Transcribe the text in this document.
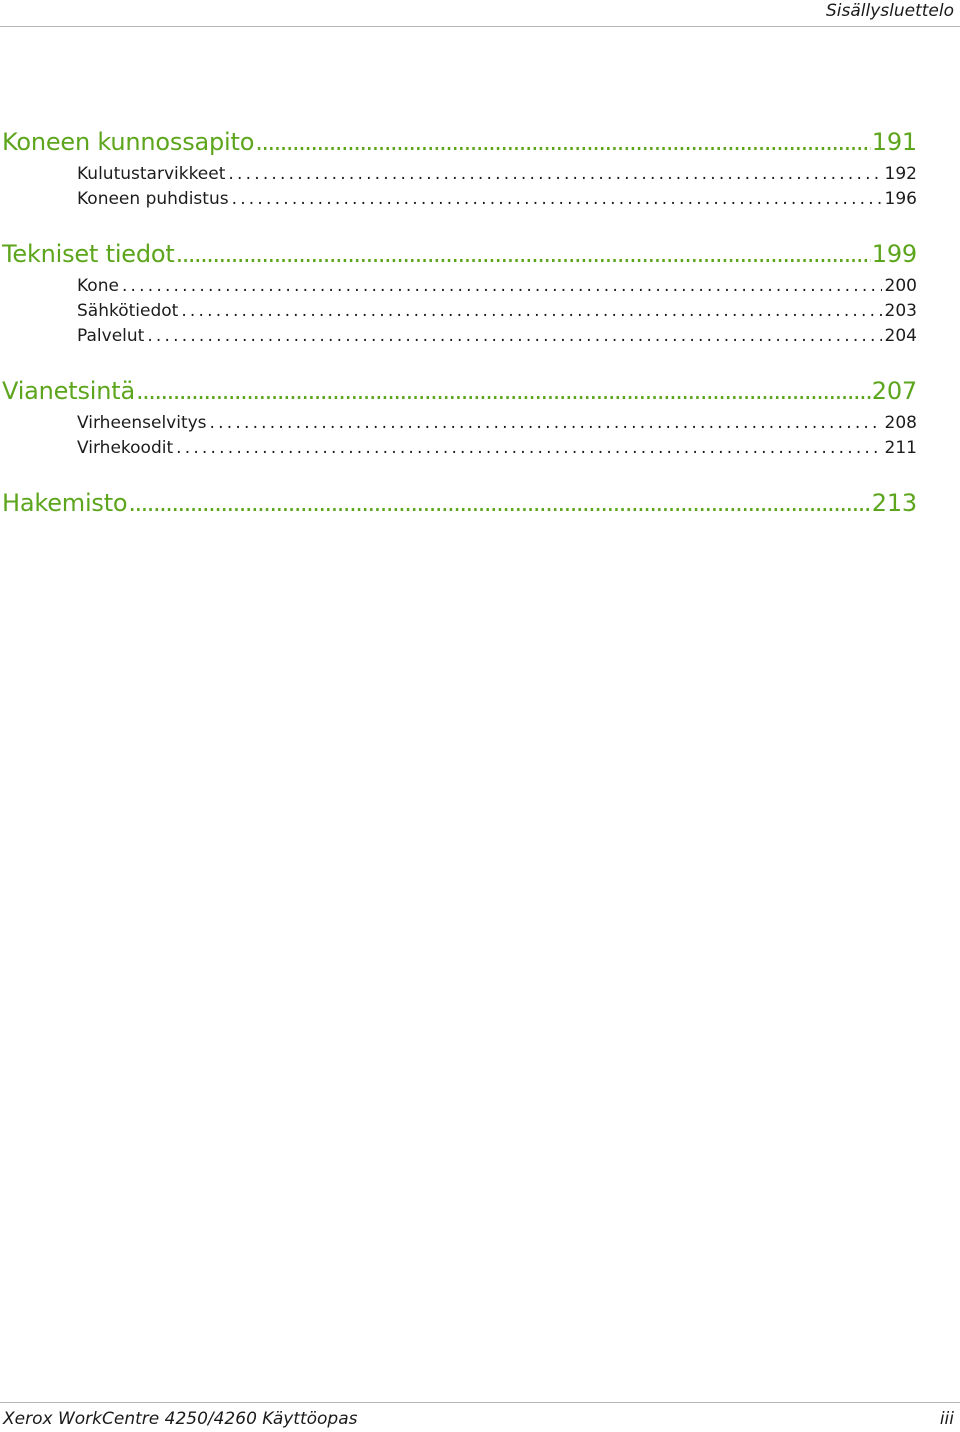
Sisällysluettelo
Koneen kunnossapito .....	191
Kulutustarvikkeet .....	192
Koneen puhdistus .....	196
Tekniset tiedot .....	199
Kone .....	200
Sähkötiedot .....	203
Palvelut .....	204
Vianetsintä .....	207
Virheenselvitys .....	208
Virhekoodit .....	211
Hakemisto .....	213
Xerox WorkCentre 4250/4260 Käyttöopas	iii
